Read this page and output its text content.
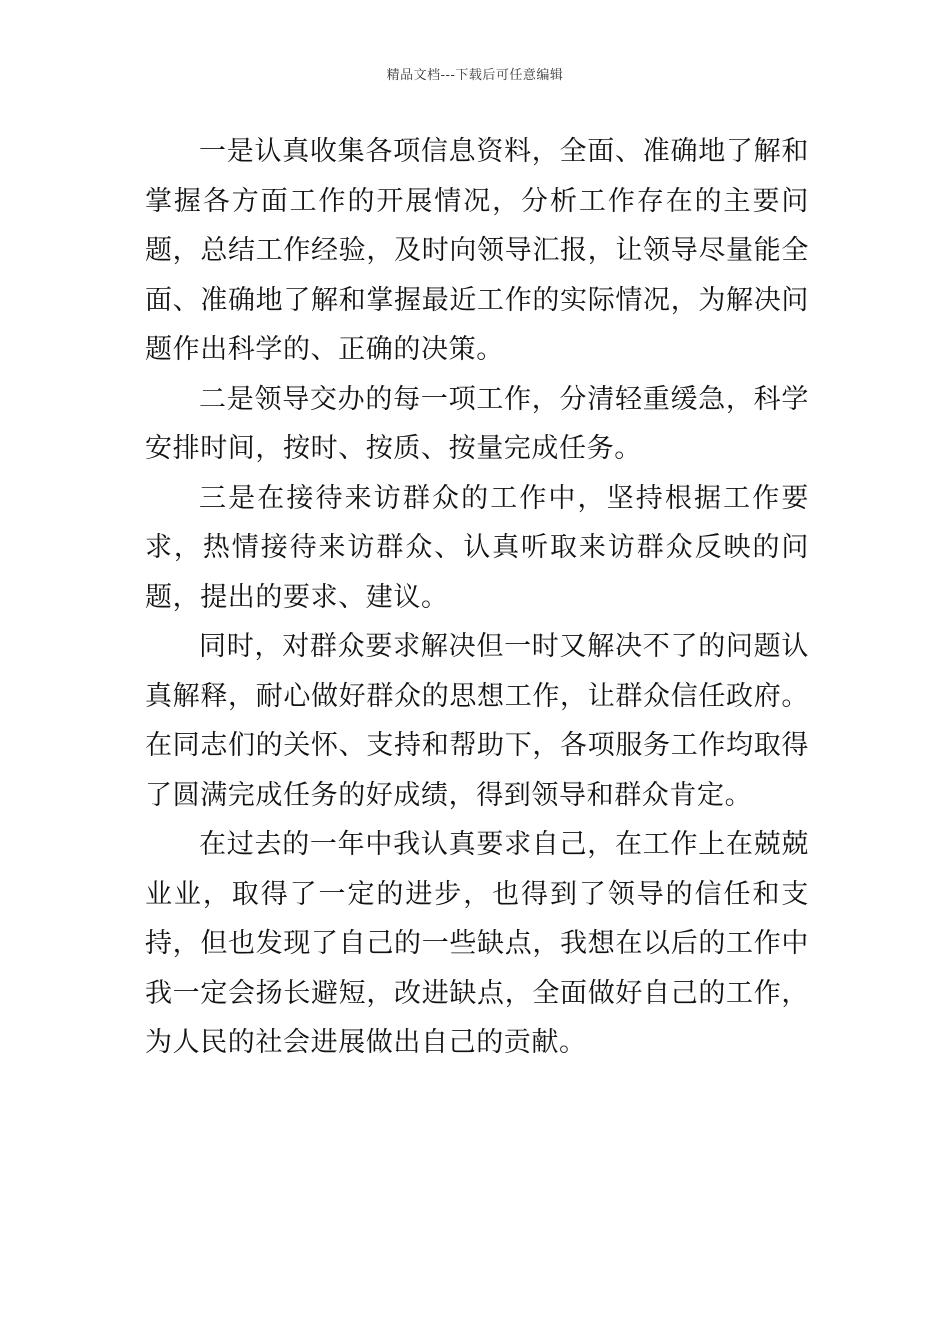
精品文档---下载后可任意编辑

一是认真收集各项信息资料，全面、准确地了解和掌握各方面工作的开展情况，分析工作存在的主要问题，总结工作经验，及时向领导汇报，让领导尽量能全面、准确地了解和掌握最近工作的实际情况，为解决问题作出科学的、正确的决策。

二是领导交办的每一项工作，分清轻重缓急，科学安排时间，按时、按质、按量完成任务。

三是在接待来访群众的工作中，坚持根据工作要求，热情接待来访群众、认真听取来访群众反映的问题，提出的要求、建议。

同时，对群众要求解决但一时又解决不了的问题认真解释，耐心做好群众的思想工作，让群众信任政府。在同志们的关怀、支持和帮助下，各项服务工作均取得了圆满完成任务的好成绩，得到领导和群众肯定。

在过去的一年中我认真要求自己，在工作上在兢兢业业，取得了一定的进步，也得到了领导的信任和支持，但也发现了自己的一些缺点，我想在以后的工作中我一定会扬长避短，改进缺点，全面做好自己的工作，为人民的社会进展做出自己的贡献。
